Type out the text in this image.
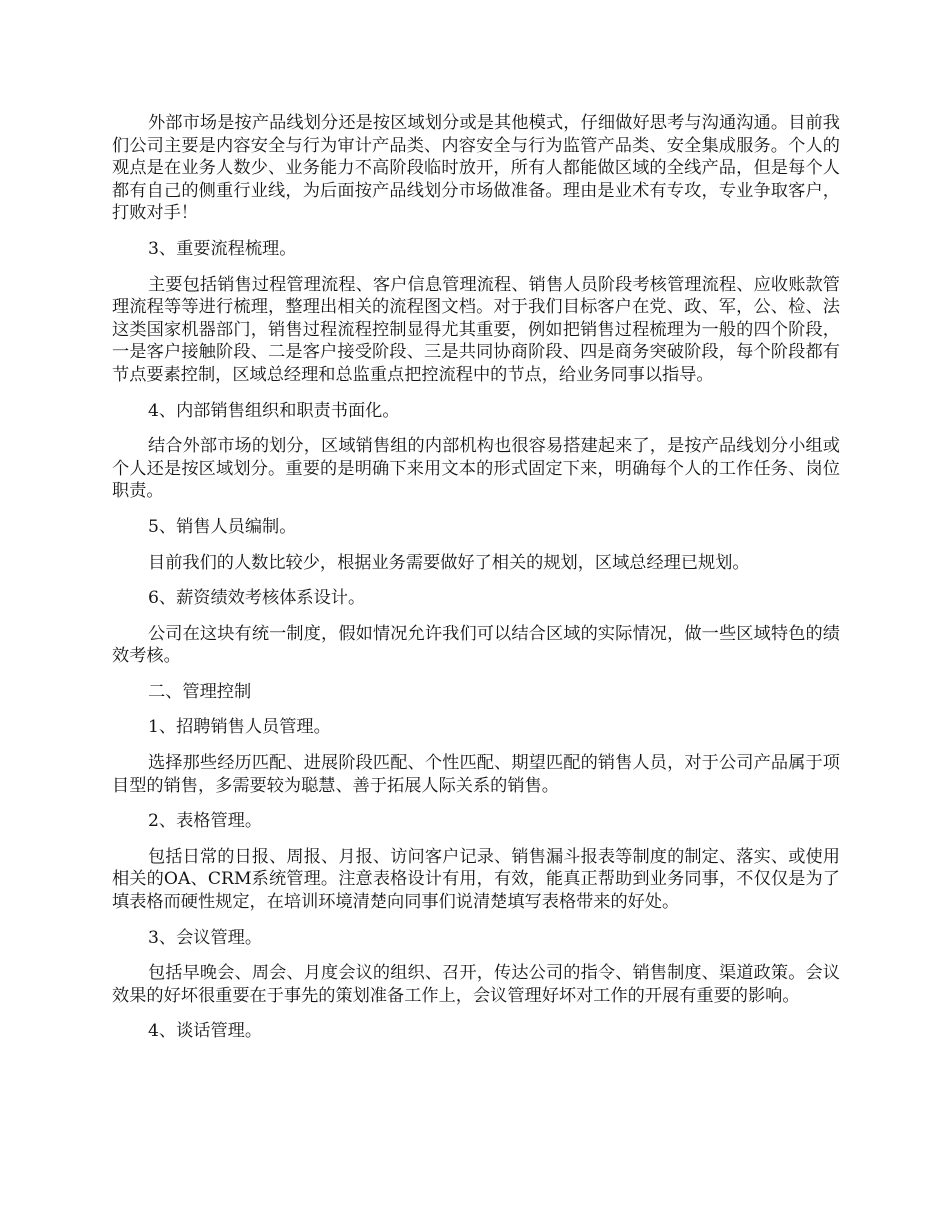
外部市场是按产品线划分还是按区域划分或是其他模式，仔细做好思考与沟通沟通。目前我们公司主要是内容安全与行为审计产品类、内容安全与行为监管产品类、安全集成服务。个人的观点是在业务人数少、业务能力不高阶段临时放开，所有人都能做区域的全线产品，但是每个人都有自己的侧重行业线，为后面按产品线划分市场做准备。理由是业术有专攻，专业争取客户，打败对手！

3、重要流程梳理。

主要包括销售过程管理流程、客户信息管理流程、销售人员阶段考核管理流程、应收账款管理流程等等进行梳理，整理出相关的流程图文档。对于我们目标客户在党、政、军，公、检、法这类国家机器部门，销售过程流程控制显得尤其重要，例如把销售过程梳理为一般的四个阶段，一是客户接触阶段、二是客户接受阶段、三是共同协商阶段、四是商务突破阶段，每个阶段都有节点要素控制，区域总经理和总监重点把控流程中的节点，给业务同事以指导。

4、内部销售组织和职责书面化。

结合外部市场的划分，区域销售组的内部机构也很容易搭建起来了，是按产品线划分小组或个人还是按区域划分。重要的是明确下来用文本的形式固定下来，明确每个人的工作任务、岗位职责。

5、销售人员编制。

目前我们的人数比较少，根据业务需要做好了相关的规划，区域总经理已规划。

6、薪资绩效考核体系设计。

公司在这块有统一制度，假如情况允许我们可以结合区域的实际情况，做一些区域特色的绩效考核。

二、管理控制

1、招聘销售人员管理。

选择那些经历匹配、进展阶段匹配、个性匹配、期望匹配的销售人员，对于公司产品属于项目型的销售，多需要较为聪慧、善于拓展人际关系的销售。

2、表格管理。

包括日常的日报、周报、月报、访问客户记录、销售漏斗报表等制度的制定、落实、或使用相关的OA、CRM系统管理。注意表格设计有用，有效，能真正帮助到业务同事，不仅仅是为了填表格而硬性规定，在培训环境清楚向同事们说清楚填写表格带来的好处。

3、会议管理。

包括早晚会、周会、月度会议的组织、召开，传达公司的指令、销售制度、渠道政策。会议效果的好坏很重要在于事先的策划准备工作上，会议管理好坏对工作的开展有重要的影响。

4、谈话管理。
